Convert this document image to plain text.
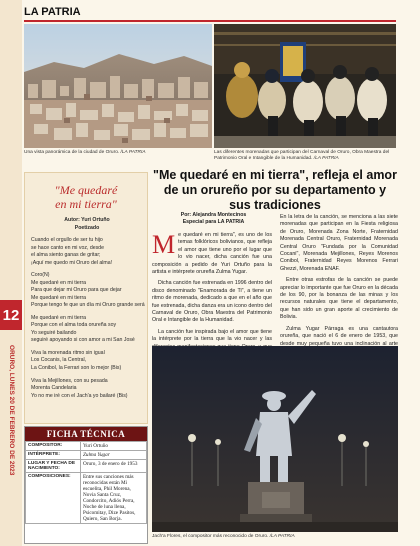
12
ORURO, LUNES 20 DE FEBRERO DE 2023
LA PATRIA
Una vista panorámica de la ciudad de Oruro. /LA PATRIA	Las diferentes morenadas que participan del Carnaval de Oruro, Obra Maestra del Patrimonio Oral e Intangible de la Humanidad. /LA PATRIA
"Me quedaré
en mi tierra"
Autor: Yuri Ortuño
Poetizado
Cuando el orgullo de ser tu hijo
se hace canto en mi voz, desde
el alma siento ganas de gritar;
¡Aquí me quedo mi Oruro del alma!
Coro(N)
Me quedaré en mi tierra
Para que dejar mi Oruro para que dejar
Me quedaré en mi tierra
Porque tengo fe que un día mi Oruro grande será
Me quedaré en mi tierra
Porque con el alma toda orureña soy
Yo seguiré bailando
seguiré apoyando si con amor a mi San José
Viva la morenada ritmo sin igual
Los Cocanis, la Central,
La Conibol, la Ferrari son lo mejor (Bis)
Viva la Mejillones, con su pesada
Morenta Candelaria
Yo no me iré con el Jach'a yo bailaré (Bis)
FICHA TÉCNICA
COMPOSITOR:	Yuri Ortuño
INTÉRPRETE:	Zulma Yugar
LUGAR Y FECHA DE NACIMIENTO:	Oruro, 3 de enero de 1953
COMPOSICIONES:	Entre sus canciones más reconocidas están Mi escuelita, Phil Morena, Novia Santa Cruz, Condorcito, Adiós Perra, Noche de luna llena, Psicomitay, Dize Pasitos, Quiero, San Borja.
"Me quedaré en mi tierra", refleja el amor de un orureño por su departamento y sus tradiciones
Por: Alejandra Montecinos
Especial para LA PATRIA

Me quedaré en mi tierra", es uno de los temas folklóricos bolivianos, que refleja el amor que tiene uno por el lugar que lo vio nacer, dicha canción fue una composición a pedido de Yuri Ortuño para la artista e intérprete orureña Zulma Yugar.

Dicha canción fue estrenada en 1996 dentro del disco denominado "Enamorada de Ti", a tiene un ritmo de morenada, dedicado a que en el año que fue estrenada, dicha danza era un icono dentro del Carnaval de Oruro, Obra Maestra del Patrimonio Oral e Intangible de la Humanidad.

La canción fue inspirada bajo el amor que tiene la intérprete por la tierra que la vio nacer y las

En la letra de la canción, se menciona a las siete morenadas que participan en la Fiesta religiosa de Oruro, Morenada Zona Norte, Fraternidad Morenada Central Oruro, Fraternidad Morenada Central Oruro "Fundada por la Comunidad Cocani", Morenada Mejillones, Reyes Morenos Conibol, Fraternidad Reyes Morenos Ferrari Ghezzi, Morenada ENAF.

Entre otras estrofas de la canción se puede apreciar lo importante que fue Oruro en la década de los 90, por la bonanza de las minas y los recursos naturales que tiene el departamento, que han sido un gran aporte al crecimiento de Bolivia.

Zulma Yugar Párraga es una cantautora orureña, que nació el 6 de enero de 1953, que desde muy pequeña tuvo una inclinación al arte

Jach'a Flores, el compositor más reconocido de Oruro. /LA PATRIA
